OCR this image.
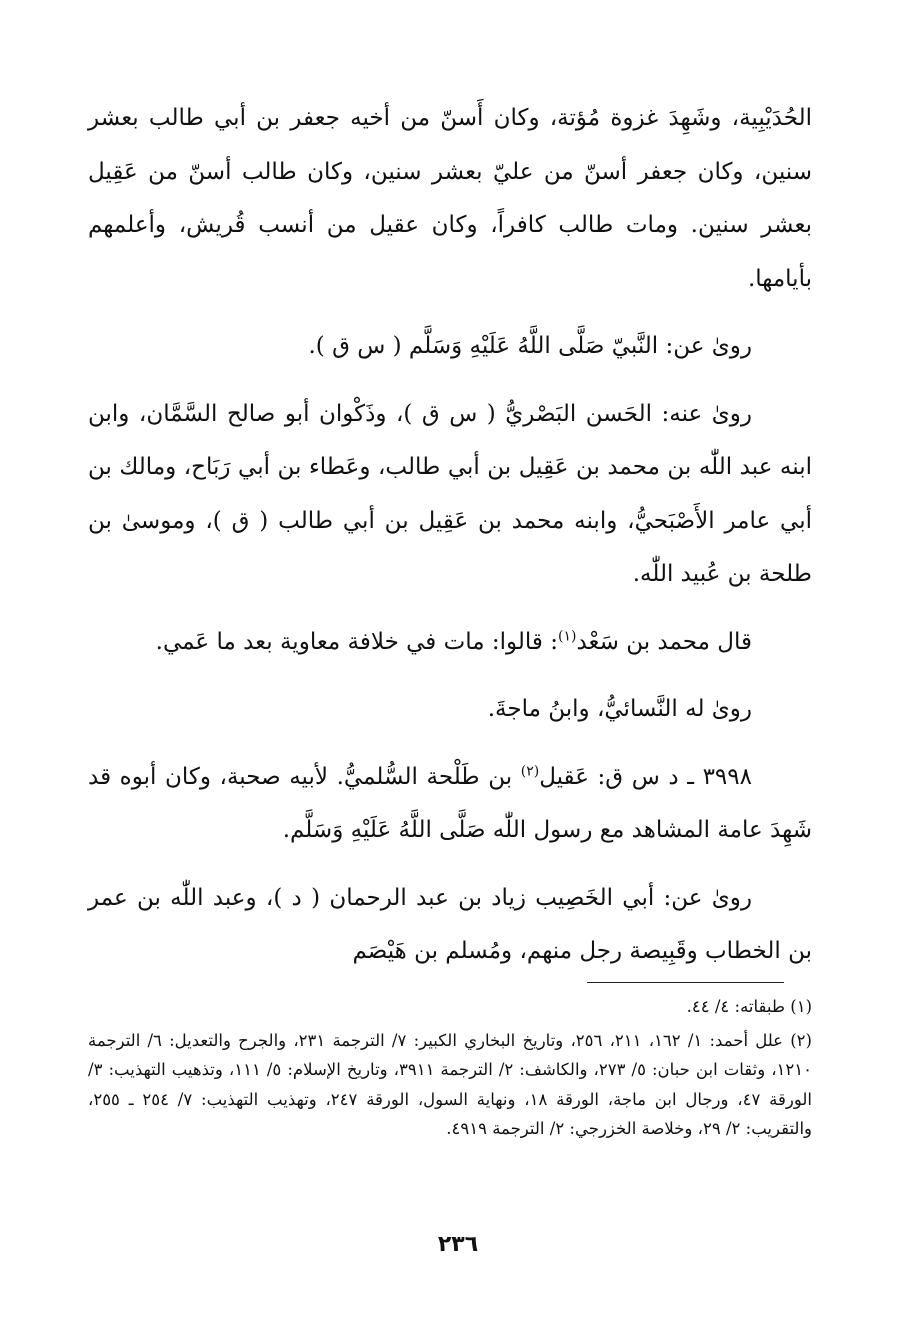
الحُدَيْبِية، وشَهِدَ غزوة مُؤتة، وكان أَسنّ من أخيه جعفر بن أبي طالب بعشر سنين، وكان جعفر أسنّ من عليّ بعشر سنين، وكان طالب أسنّ من عَقِيل بعشر سنين. ومات طالب كافراً، وكان عقيل من أنسب قُريش، وأعلمهم بأيامها.

روىٰ عن: النَّبيّ صَلَّى اللَّهُ عَلَيْهِ وَسَلَّم ( س ق ).

روىٰ عنه: الحَسن البَصْريُّ ( س ق )، وذَكْوان أبو صالح السَّمَّان، وابن ابنه عبد اللّٰه بن محمد بن عَقِيل بن أبي طالب، وعَطاء بن أبي رَبَاح، ومالك بن أبي عامر الأَصْبَحيُّ، وابنه محمد بن عَقِيل بن أبي طالب ( ق )، وموسىٰ بن طلحة بن عُبيد اللّٰه.

قال محمد بن سَعْد$^{(١)}$: قالوا: مات في خلافة معاوية بعد ما عَمي.

روىٰ له النَّسائيُّ، وابنُ ماجةَ.

٣٩٩٨ ـ د س ق: عَقيل$^{(٢)}$ بن طَلْحة السُّلميُّ. لأبيه صحبة، وكان أبوه قد شَهِدَ عامة المشاهد مع رسول اللّٰه صَلَّى اللَّهُ عَلَيْهِ وَسَلَّم.

روىٰ عن: أبي الخَصِيب زياد بن عبد الرحمان ( د )، وعبد اللّٰه بن عمر بن الخطاب وقَبِيصة رجل منهم، ومُسلم بن هَيْصَم

(١) طبقاته: ٤/ ٤٤.

(٢) علل أحمد: ١/ ١٦٢، ٢١١، ٢٥٦، وتاريخ البخاري الكبير: ٧/ الترجمة ٢٣١، والجرح والتعديل: ٦/ الترجمة ١٢١٠، وثقات ابن حبان: ٥/ ٢٧٣، والكاشف: ٢/ الترجمة ٣٩١١، وتاريخ الإسلام: ٥/ ١١١، وتذهيب التهذيب: ٣/ الورقة ٤٧، ورجال ابن ماجة، الورقة ١٨، ونهاية السول، الورقة ٢٤٧، وتهذيب التهذيب: ٧/ ٢٥٤ ـ ٢٥٥، والتقريب: ٢/ ٢٩، وخلاصة الخزرجي: ٢/ الترجمة ٤٩١٩.

٢٣٦
